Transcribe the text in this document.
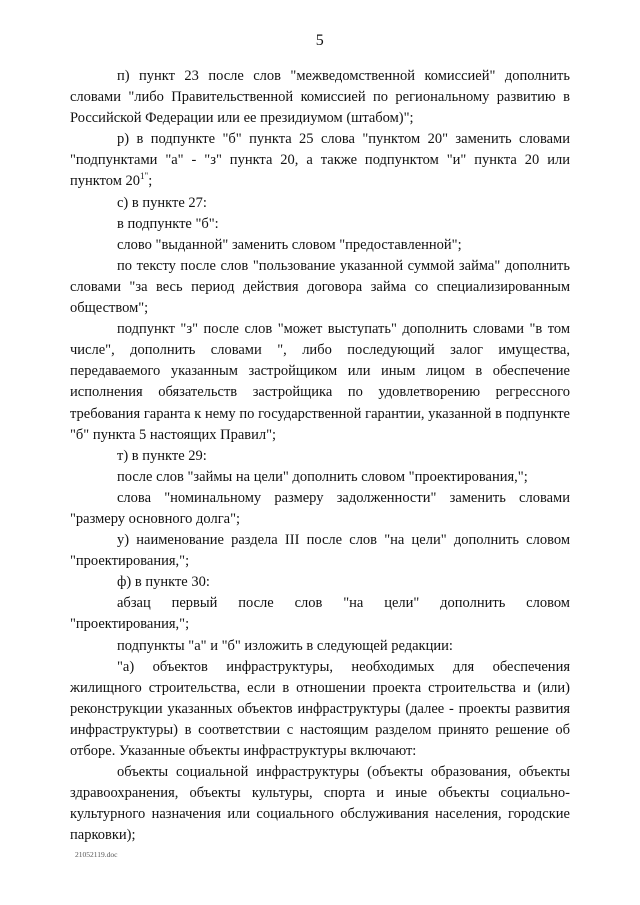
5

п) пункт 23 после слов "межведомственной комиссией" дополнить словами "либо Правительственной комиссией по региональному развитию в Российской Федерации или ее президиумом (штабом)";

р) в подпункте "б" пункта 25 слова "пунктом 20" заменить словами "подпунктами "а" - "з" пункта 20, а также подпунктом "и" пункта 20 или пунктом $20^{1"}$;

с) в пункте 27:

в подпункте "б":

слово "выданной" заменить словом "предоставленной";

по тексту после слов "пользование указанной суммой займа" дополнить словами "за весь период действия договора займа со специализированным обществом";

подпункт "з" после слов "может выступать" дополнить словами "в том числе", дополнить словами ", либо последующий залог имущества, передаваемого указанным застройщиком или иным лицом в обеспечение исполнения обязательств застройщика по удовлетворению регрессного требования гаранта к нему по государственной гарантии, указанной в подпункте "б" пункта 5 настоящих Правил";

т) в пункте 29:

после слов "займы на цели" дополнить словом "проектирования,";

слова "номинальному размеру задолженности" заменить словами "размеру основного долга";

у) наименование раздела III после слов "на цели" дополнить словом "проектирования,";

ф) в пункте 30:

абзац первый после слов "на цели" дополнить словом "проектирования,";

подпункты "а" и "б" изложить в следующей редакции:

"а) объектов инфраструктуры, необходимых для обеспечения жилищного строительства, если в отношении проекта строительства и (или) реконструкции указанных объектов инфраструктуры (далее - проекты развития инфраструктуры) в соответствии с настоящим разделом принято решение об отборе. Указанные объекты инфраструктуры включают:

объекты социальной инфраструктуры (объекты образования, объекты здравоохранения, объекты культуры, спорта и иные объекты социально-культурного назначения или социального обслуживания населения, городские парковки);

21052119.doc
